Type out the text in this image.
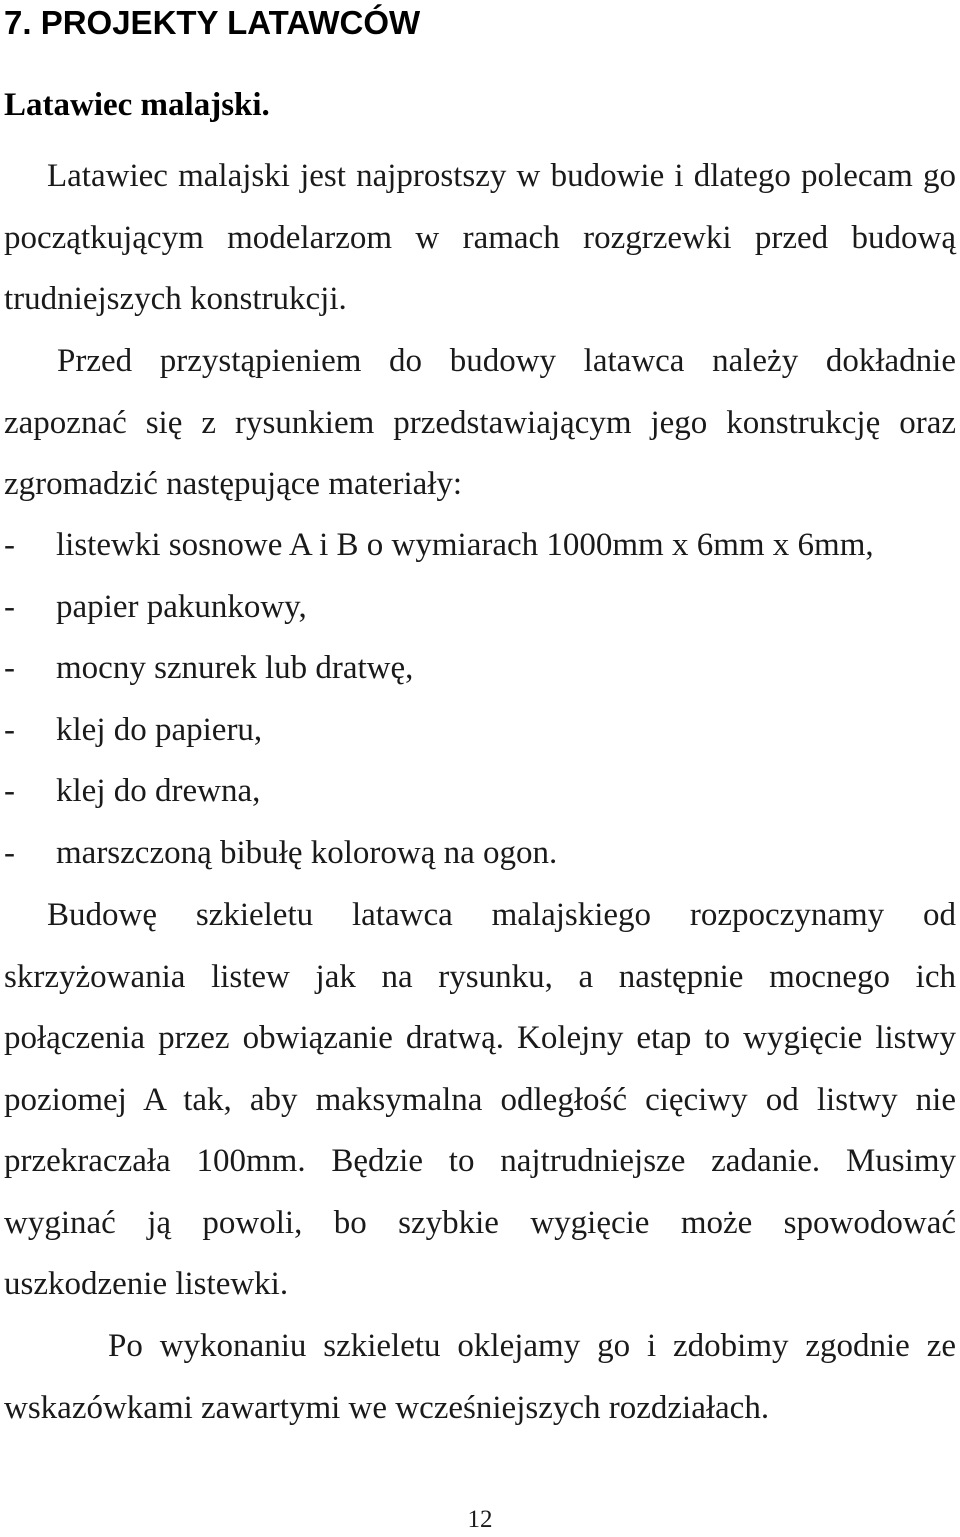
7. PROJEKTY LATAWCÓW
Latawiec malajski.

Latawiec malajski jest najprostszy w budowie i dlatego polecam go początkującym modelarzom w ramach rozgrzewki przed budową trudniejszych konstrukcji.

Przed przystąpieniem do budowy latawca należy dokładnie zapoznać się z rysunkiem przedstawiającym jego konstrukcję oraz zgromadzić następujące materiały:

-	listewki sosnowe A i B o wymiarach 1000mm x 6mm x 6mm,
-	papier pakunkowy,
-	mocny sznurek lub dratwę,
-	klej do papieru,
-	klej do drewna,
-	marszczoną bibułę kolorową na ogon.

Budowę szkieletu latawca malajskiego rozpoczynamy od skrzyżowania listew jak na rysunku, a następnie mocnego ich połączenia przez obwiązanie dratwą. Kolejny etap to wygięcie listwy poziomej A tak, aby maksymalna odległość cięciwy od listwy nie przekraczała 100mm. Będzie to najtrudniejsze zadanie. Musimy wyginać ją powoli, bo szybkie wygięcie może spowodować uszkodzenie listewki.

Po wykonaniu szkieletu oklejamy go i zdobimy zgodnie ze wskazówkami zawartymi we wcześniejszych rozdziałach.

12
